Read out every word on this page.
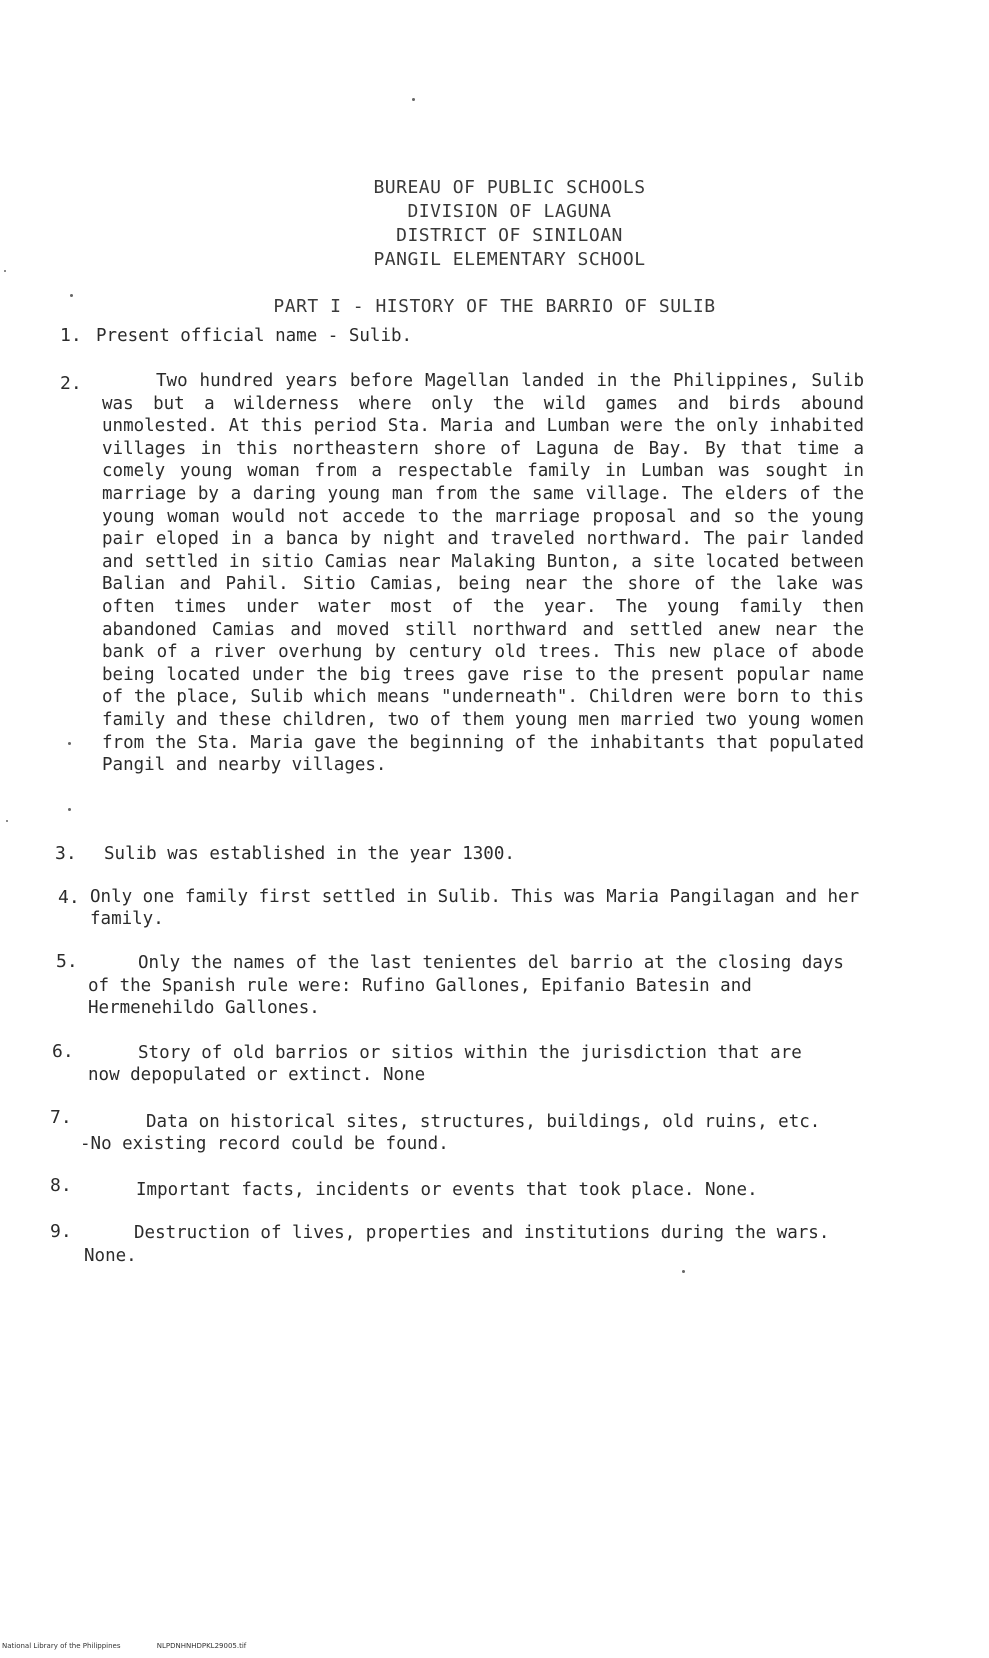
BUREAU OF PUBLIC SCHOOLS
DIVISION OF LAGUNA
DISTRICT OF SINILOAN
PANGIL ELEMENTARY SCHOOL
PART I - HISTORY OF THE BARRIO OF SULIB
1. Present official name - Sulib.
2.	Two hundred years before Magellan landed in the Philippines, Sulib was but a wilderness where only the wild games and birds abound unmolested. At this period Sta. Maria and Lumban were the only inhabited villages in this northeastern shore of Laguna de Bay. By that time a comely young woman from a respectable family in Lumban was sought in marriage by a daring young man from the same village. The elders of the young woman would not accede to the marriage proposal and so the young pair eloped in a banca by night and traveled northward. The pair landed and settled in sitio Camias near Malaking Bunton, a site located between Balian and Pahil. Sitio Camias, being near the shore of the lake was often times under water most of the year. The young family then abandoned Camias and moved still northward and settled anew near the bank of a river overhung by century old trees. This new place of abode being located under the big trees gave rise to the present popular name of the place, Sulib which means "underneath". Children were born to this family and these children, two of them young men married two young women from the Sta. Maria gave the beginning of the inhabitants that populated Pangil and nearby villages.

3. Sulib was established in the year 1300.
4. Only one family first settled in Sulib. This was Maria Pangilagan and her family.

Only the names of the last tenientes del barrio at the closing days of the Spanish rule were: Rufino Gallones, Epifanio Batesin and Hermenehildo Gallones.

5.

Story of old barrios or sitios within the jurisdiction that are now depopulated or extinct. None

6.

Data on historical sites, structures, buildings, old ruins, etc. -No existing record could be found.

7.
8.	Important facts, incidents or events that took place. None.

Destruction of lives, properties and institutions during the wars. None.

9.
National Library of the Philippines	NLPDNHNHDPKL29005.tif
